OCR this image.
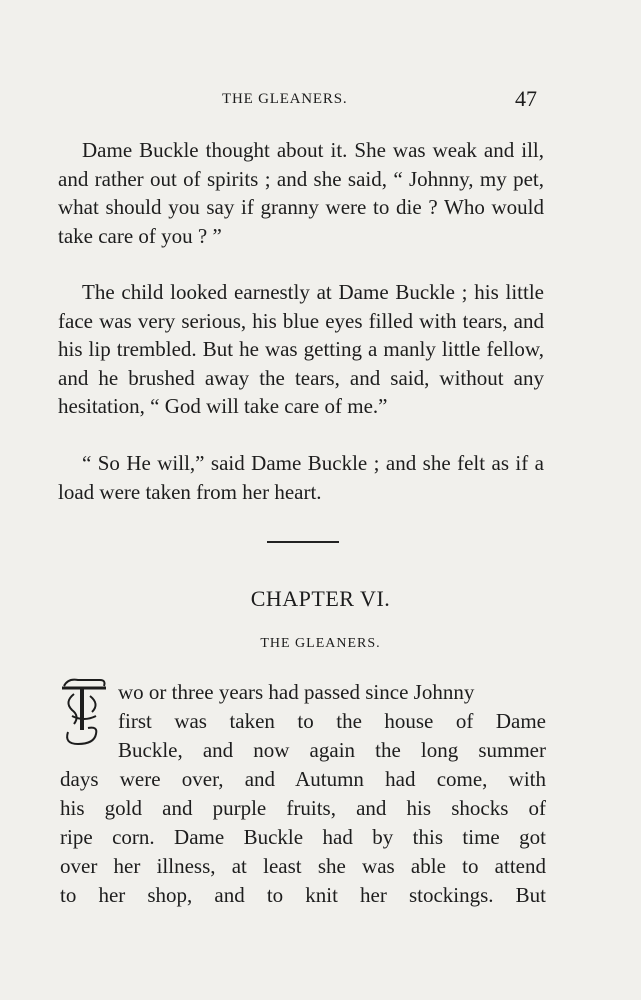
THE GLEANERS.	47

Dame Buckle thought about it. She was weak and ill, and rather out of spirits ; and she said, “ Johnny, my pet, what should you say if granny were to die ? Who would take care of you ? ”

The child looked earnestly at Dame Buckle ; his little face was very serious, his blue eyes filled with tears, and his lip trembled. But he was getting a manly little fellow, and he brushed away the tears, and said, without any hesitation, “ God will take care of me.”

“ So He will,” said Dame Buckle ; and she felt as if a load were taken from her heart.

CHAPTER VI.
THE GLEANERS.
T
wo or three years had passed since Johnny
first was taken to the house of Dame
Buckle, and now again the long summer
days were over, and Autumn had come, with
his gold and purple fruits, and his shocks of
ripe corn. Dame Buckle had by this time got
over her illness, at least she was able to attend
to her shop, and to knit her stockings. But
